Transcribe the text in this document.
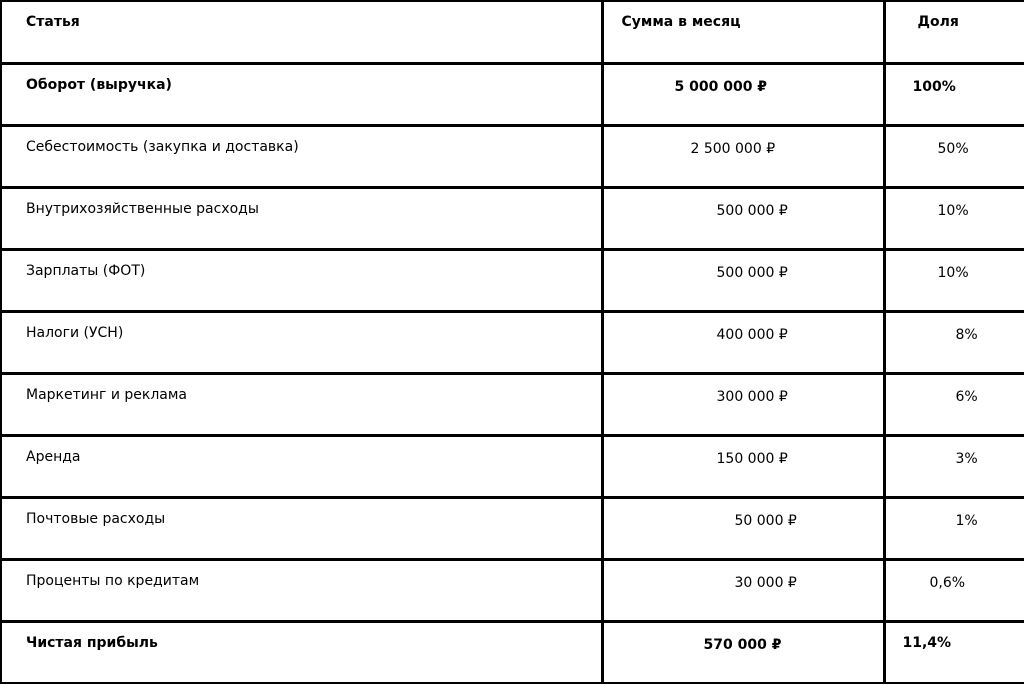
Статья	Сумма в месяц	Доля
Оборот (выручка)	5 000 000 ₽	100%
Себестоимость (закупка и доставка)	2 500 000 ₽	50%
Внутрихозяйственные расходы	500 000 ₽	10%
Зарплаты (ФОТ)	500 000 ₽	10%
Налоги (УСН)	400 000 ₽	8%
Маркетинг и реклама	300 000 ₽	6%
Аренда	150 000 ₽	3%
Почтовые расходы	50 000 ₽	1%
Проценты по кредитам	30 000 ₽	0,6%
Чистая прибыль	570 000 ₽	11,4%
